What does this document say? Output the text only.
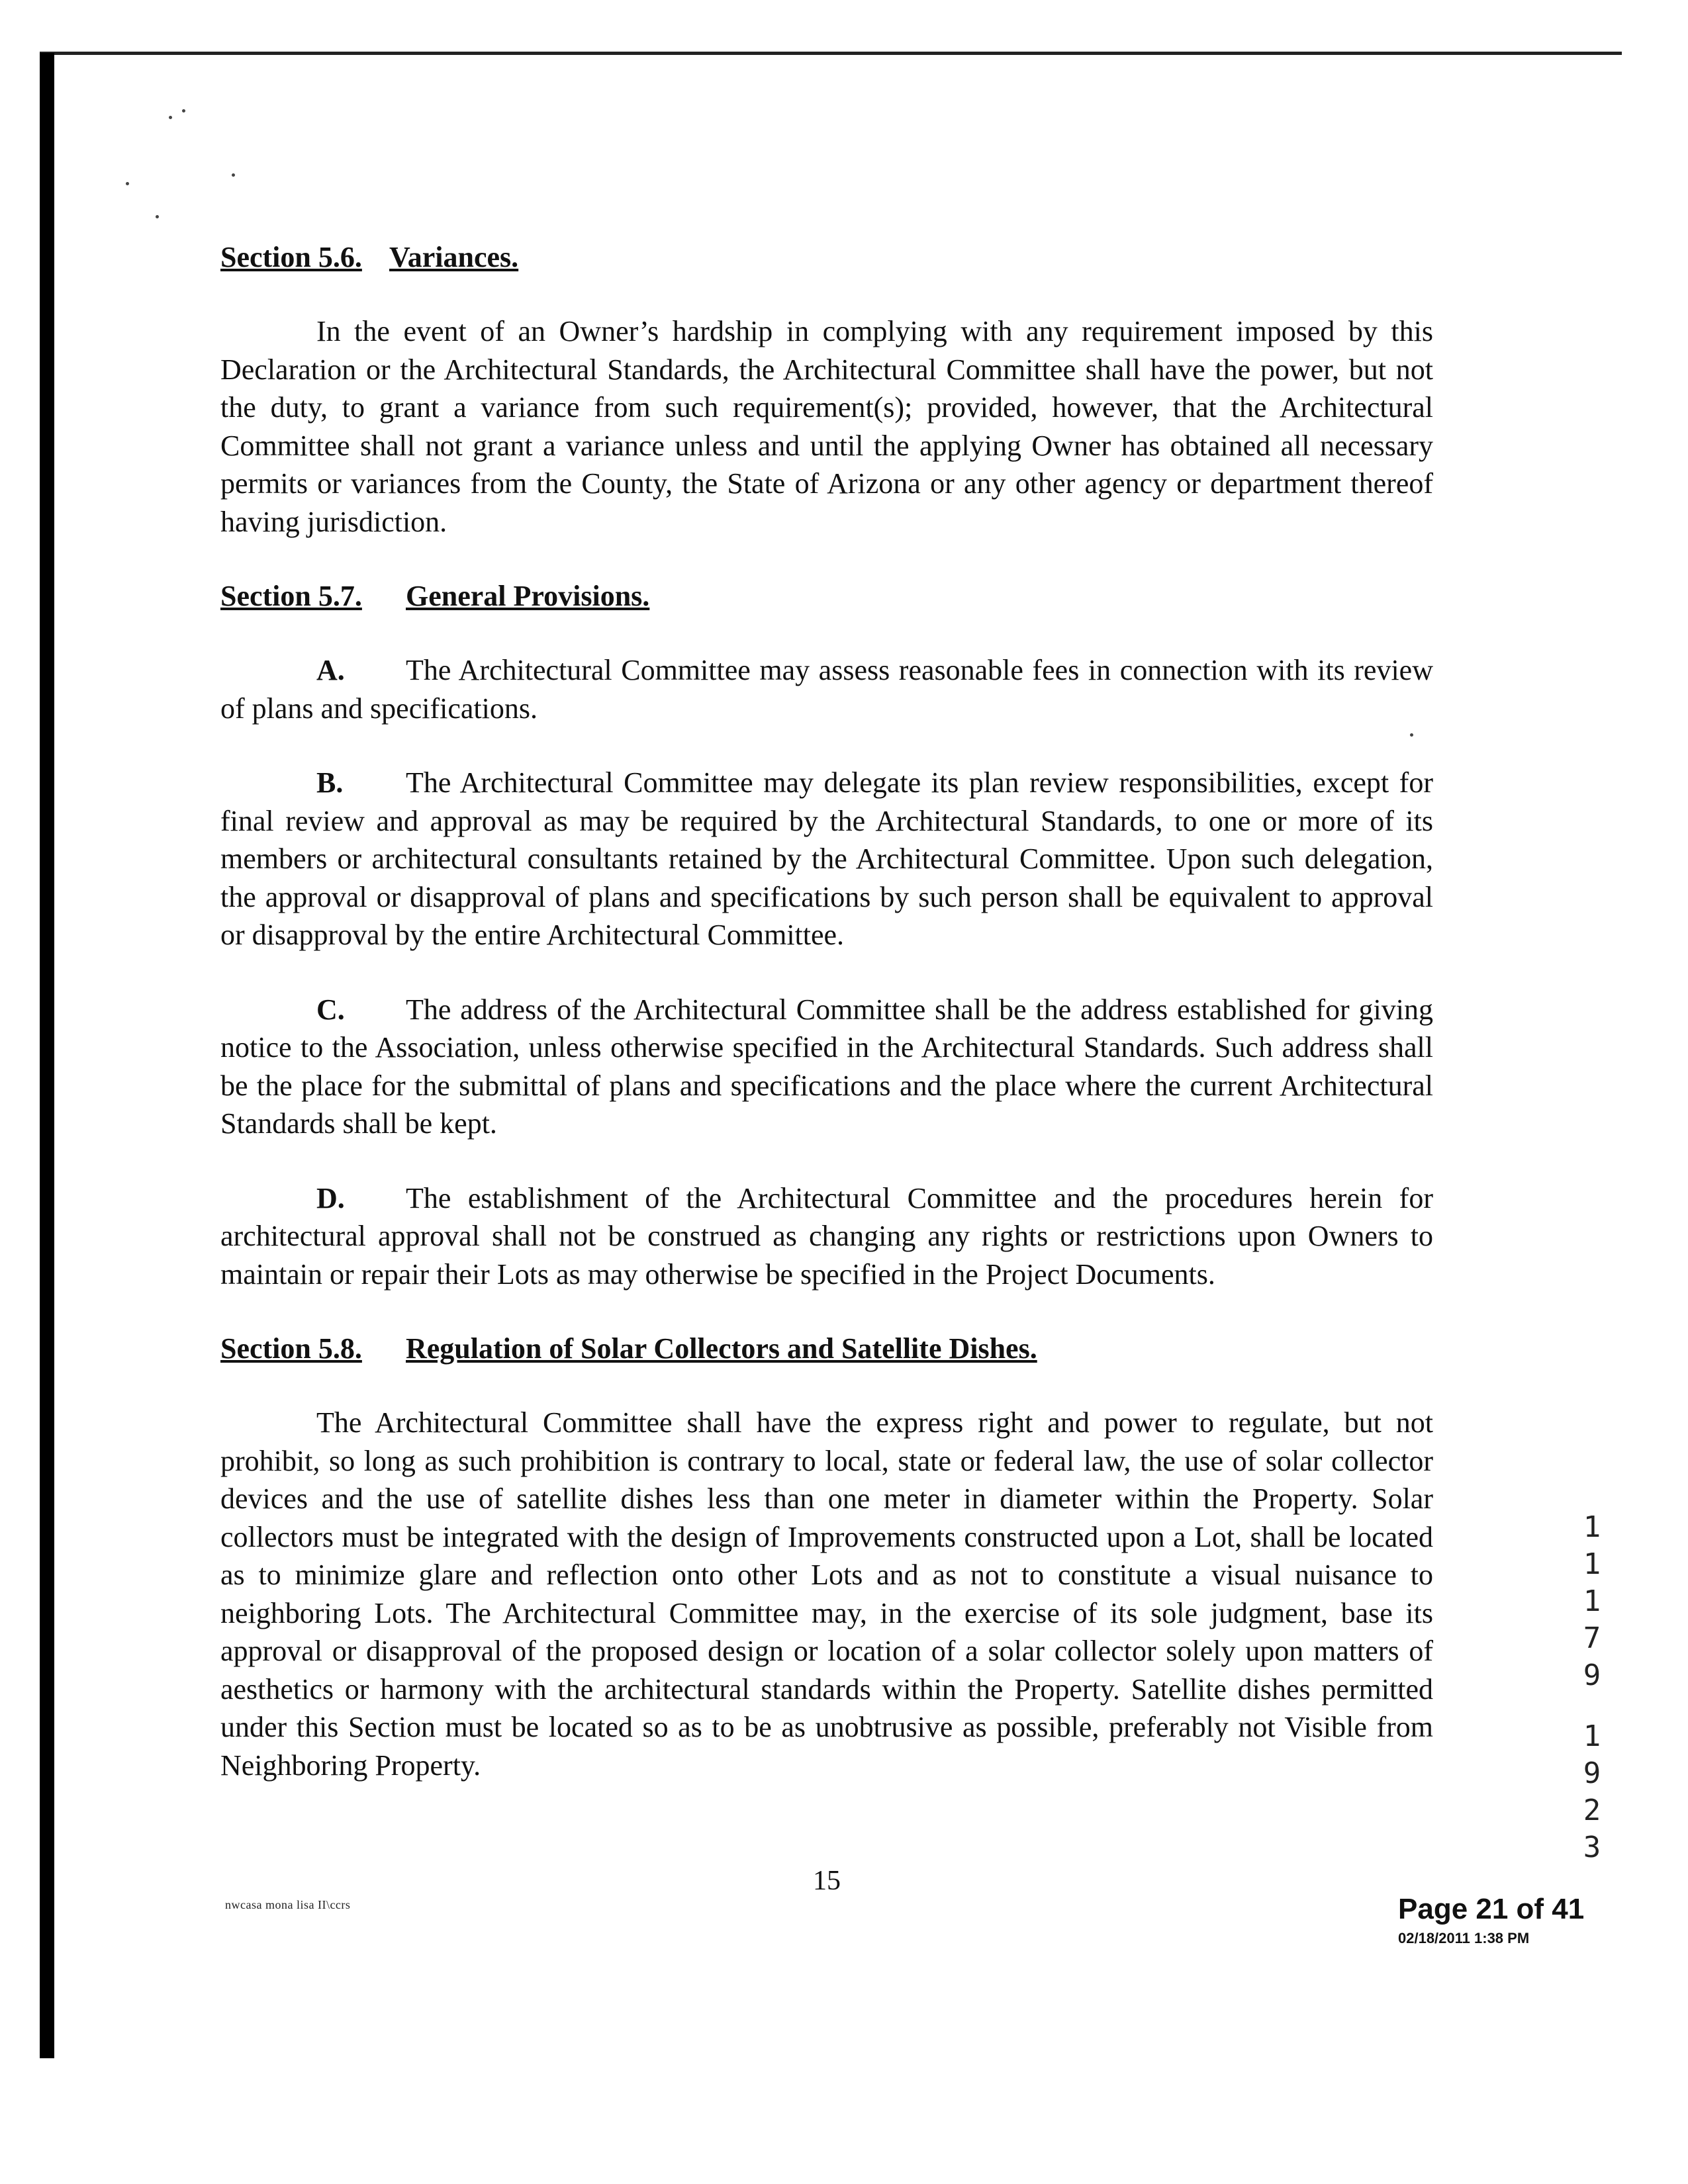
Section 5.6. Variances.

In the event of an Owner’s hardship in complying with any requirement imposed by this Declaration or the Architectural Standards, the Architectural Committee shall have the power, but not the duty, to grant a variance from such requirement(s); provided, however, that the Architectural Committee shall not grant a variance unless and until the applying Owner has obtained all necessary permits or variances from the County, the State of Arizona or any other agency or department thereof having jurisdiction.

Section 5.7. General Provisions.

A. The Architectural Committee may assess reasonable fees in connection with its review of plans and specifications.

B. The Architectural Committee may delegate its plan review responsibilities, except for final review and approval as may be required by the Architectural Standards, to one or more of its members or architectural consultants retained by the Architectural Committee. Upon such delegation, the approval or disapproval of plans and specifications by such person shall be equivalent to approval or disapproval by the entire Architectural Committee.

C. The address of the Architectural Committee shall be the address established for giving notice to the Association, unless otherwise specified in the Architectural Standards. Such address shall be the place for the submittal of plans and specifications and the place where the current Architectural Standards shall be kept.

D. The establishment of the Architectural Committee and the procedures herein for architectural approval shall not be construed as changing any rights or restrictions upon Owners to maintain or repair their Lots as may otherwise be specified in the Project Documents.

Section 5.8. Regulation of Solar Collectors and Satellite Dishes.

The Architectural Committee shall have the express right and power to regulate, but not prohibit, so long as such prohibition is contrary to local, state or federal law, the use of solar collector devices and the use of satellite dishes less than one meter in diameter within the Property. Solar collectors must be integrated with the design of Improvements constructed upon a Lot, shall be located as to minimize glare and reflection onto other Lots and as not to constitute a visual nuisance to neighboring Lots. The Architectural Committee may, in the exercise of its sole judgment, base its approval or disapproval of the proposed design or location of a solar collector solely upon matters of aesthetics or harmony with the architectural standards within the Property. Satellite dishes permitted under this Section must be located so as to be as unobtrusive as possible, preferably not Visible from Neighboring Property.

1
1
1
7
9
1
9
2
3
nwcasa mona lisa II\ccrs
15
Page 21 of 41
02/18/2011 1:38 PM
